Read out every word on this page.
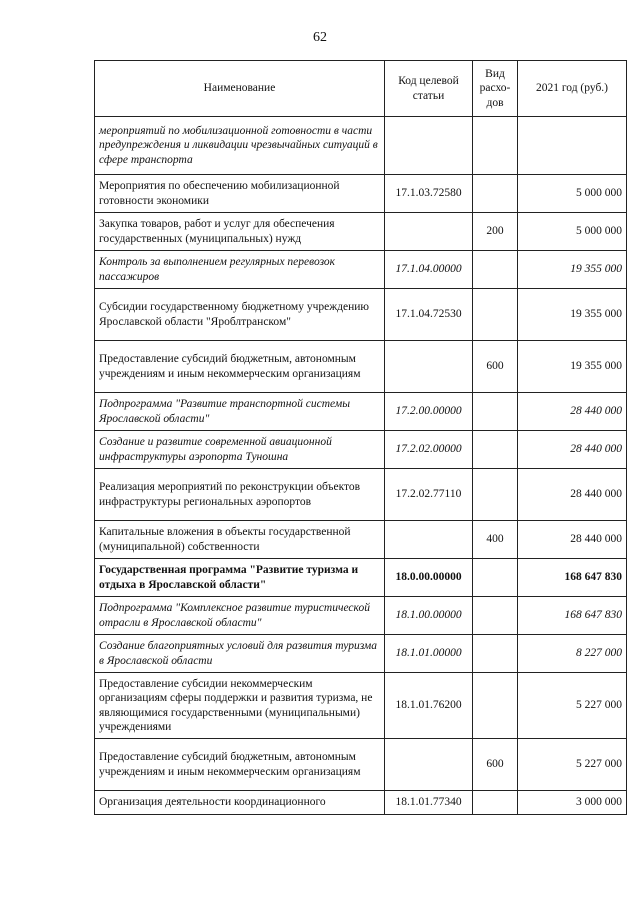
62
Наименование	Код целевой статьи	Вид расхо-дов	2021 год (руб.)
мероприятий по мобилизационной готовности в части предупреждения и ликвидации чрезвычайных ситуаций в сфере транспорта			
Мероприятия по обеспечению мобилизационной готовности экономики	17.1.03.72580		5 000 000
Закупка товаров, работ и услуг для обеспечения государственных (муниципальных) нужд		200	5 000 000
Контроль за выполнением регулярных перевозок пассажиров	17.1.04.00000		19 355 000
Субсидии государственному бюджетному учреждению Ярославской области "Яроблтранском"	17.1.04.72530		19 355 000
Предоставление субсидий бюджетным, автономным учреждениям и иным некоммерческим организациям		600	19 355 000
Подпрограмма "Развитие транспортной системы Ярославской области"	17.2.00.00000		28 440 000
Создание и развитие современной авиационной инфраструктуры аэропорта Туношна	17.2.02.00000		28 440 000
Реализация мероприятий по реконструкции объектов инфраструктуры региональных аэропортов	17.2.02.77110		28 440 000
Капитальные вложения в объекты государственной (муниципальной) собственности		400	28 440 000
Государственная программа "Развитие туризма и отдыха в Ярославской области"	18.0.00.00000		168 647 830
Подпрограмма "Комплексное развитие туристической отрасли в Ярославской области"	18.1.00.00000		168 647 830
Создание благоприятных условий для развития туризма в Ярославской области	18.1.01.00000		8 227 000
Предоставление субсидии некоммерческим организациям сферы поддержки и развития туризма, не являющимися государственными (муниципальными) учреждениями	18.1.01.76200		5 227 000
Предоставление субсидий бюджетным, автономным учреждениям и иным некоммерческим организациям		600	5 227 000
Организация деятельности координационного	18.1.01.77340		3 000 000
